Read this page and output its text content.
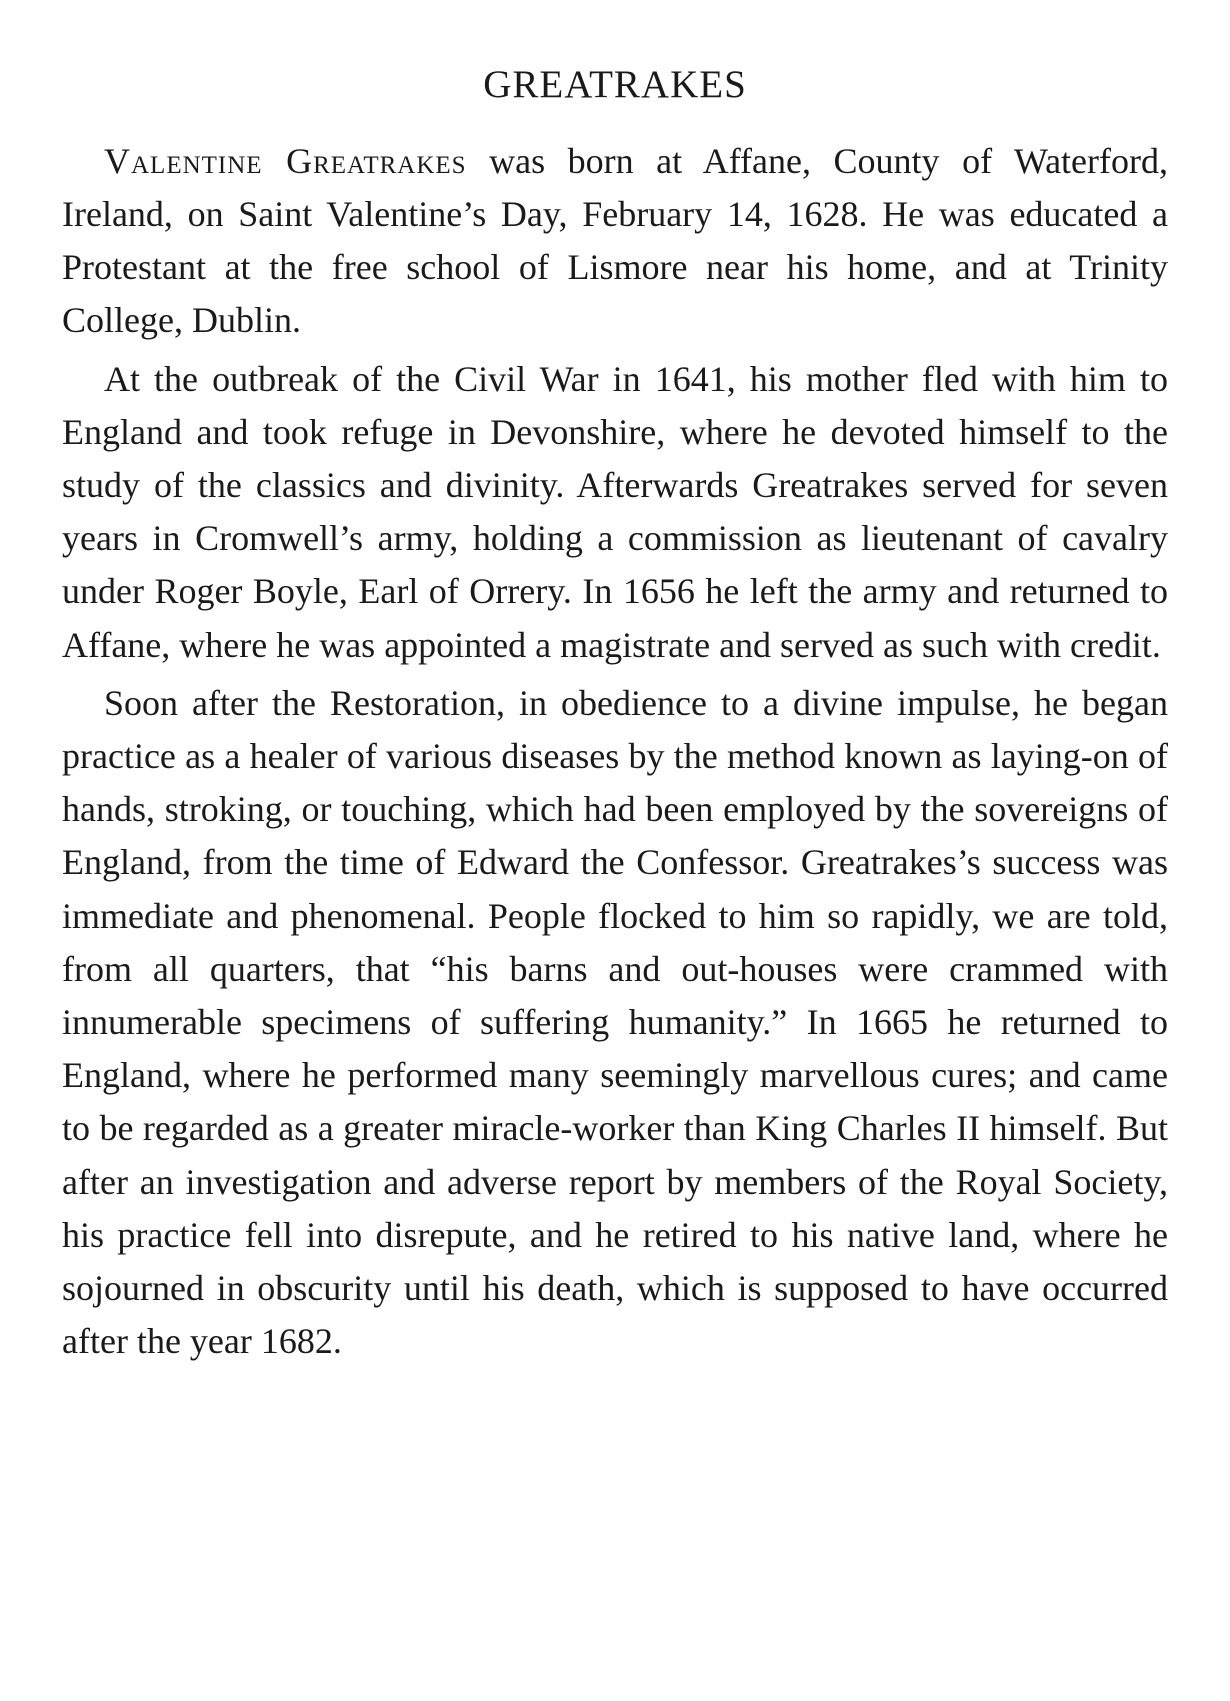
GREATRAKES

Valentine Greatrakes was born at Affane, County of Waterford, Ireland, on Saint Valentine’s Day, February 14, 1628. He was educated a Protestant at the free school of Lismore near his home, and at Trinity College, Dublin.

At the outbreak of the Civil War in 1641, his mother fled with him to England and took refuge in Devonshire, where he devoted himself to the study of the classics and divinity. Afterwards Greatrakes served for seven years in Cromwell’s army, holding a commission as lieutenant of cavalry under Roger Boyle, Earl of Orrery. In 1656 he left the army and returned to Affane, where he was appointed a magistrate and served as such with credit.

Soon after the Restoration, in obedience to a divine impulse, he began practice as a healer of various diseases by the method known as laying-on of hands, stroking, or touching, which had been employed by the sovereigns of England, from the time of Edward the Confessor. Greatrakes’s success was immediate and phenomenal. People flocked to him so rapidly, we are told, from all quarters, that “his barns and out-houses were crammed with innumerable specimens of suffering humanity.” In 1665 he returned to England, where he performed many seemingly marvellous cures; and came to be regarded as a greater miracle-worker than King Charles II himself. But after an investigation and adverse report by members of the Royal Society, his practice fell into disrepute, and he retired to his native land, where he sojourned in obscurity until his death, which is supposed to have occurred after the year 1682.
